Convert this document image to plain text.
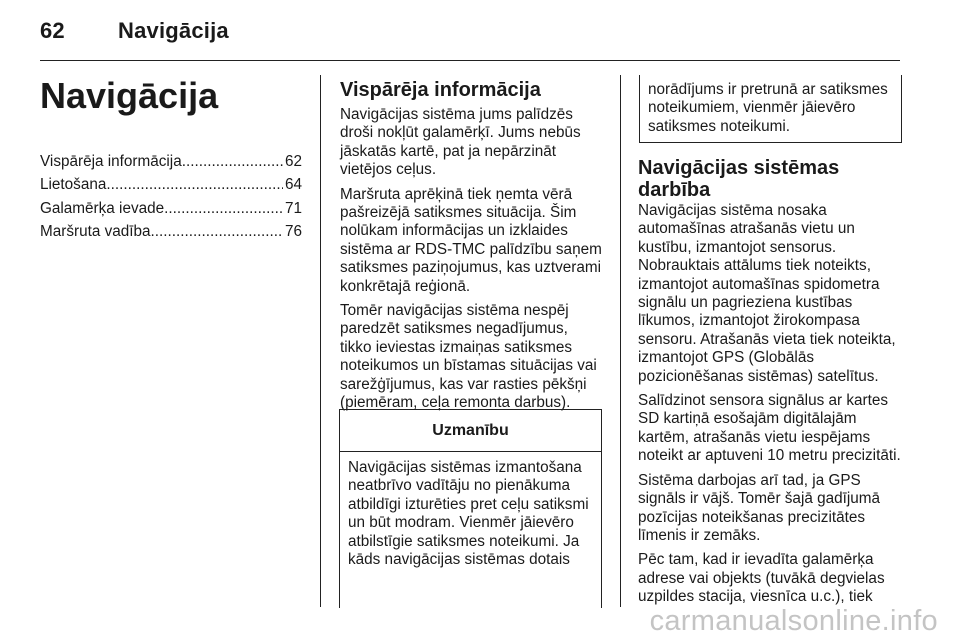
62 Navigācija
Navigācija
Vispārēja informācija .....	62
Lietošana .....	64
Galamērķa ievade .....	71
Maršruta vadība .....	76
Vispārēja informācija

Navigācijas sistēma jums palīdzēs droši nokļūt galamērķī. Jums nebūs jāskatās kartē, pat ja nepārzināt vietējos ceļus.

Maršruta aprēķinā tiek ņemta vērā pašreizējā satiksmes situācija. Šim nolūkam informācijas un izklaides sistēma ar RDS-TMC palīdzību saņem satiksmes paziņojumus, kas uztverami konkrētajā reģionā.

Tomēr navigācijas sistēma nespēj paredzēt satiksmes negadījumus, tikko ieviestas izmaiņas satiksmes noteikumos un bīstamas situācijas vai sarežģījumus, kas var rasties pēkšņi (piemēram, ceļa remonta darbus).

Uzmanību
Navigācijas sistēmas izmantošana neatbrīvo vadītāju no pienākuma atbildīgi izturēties pret ceļu satiksmi un būt modram. Vienmēr jāievēro atbilstīgie satiksmes noteikumi. Ja kāds navigācijas sistēmas dotais
norādījums ir pretrunā ar satiksmes noteikumiem, vienmēr jāievēro satiksmes noteikumi.
Navigācijas sistēmas darbība

Navigācijas sistēma nosaka automašīnas atrašanās vietu un kustību, izmantojot sensorus. Nobrauktais attālums tiek noteikts, izmantojot automašīnas spidometra signālu un pagrieziena kustības līkumos, izmantojot žirokompasa sensoru. Atrašanās vieta tiek noteikta, izmantojot GPS (Globālās pozicionēšanas sistēmas) satelītus.

Salīdzinot sensora signālus ar kartes SD kartiņā esošajām digitālajām kartēm, atrašanās vietu iespējams noteikt ar aptuveni 10 metru precizitāti.

Sistēma darbojas arī tad, ja GPS signāls ir vājš. Tomēr šajā gadījumā pozīcijas noteikšanas precizitātes līmenis ir zemāks.

Pēc tam, kad ir ievadīta galamērķa adrese vai objekts (tuvākā degvielas uzpildes stacija, viesnīca u.c.), tiek

carmanualsonline.info
